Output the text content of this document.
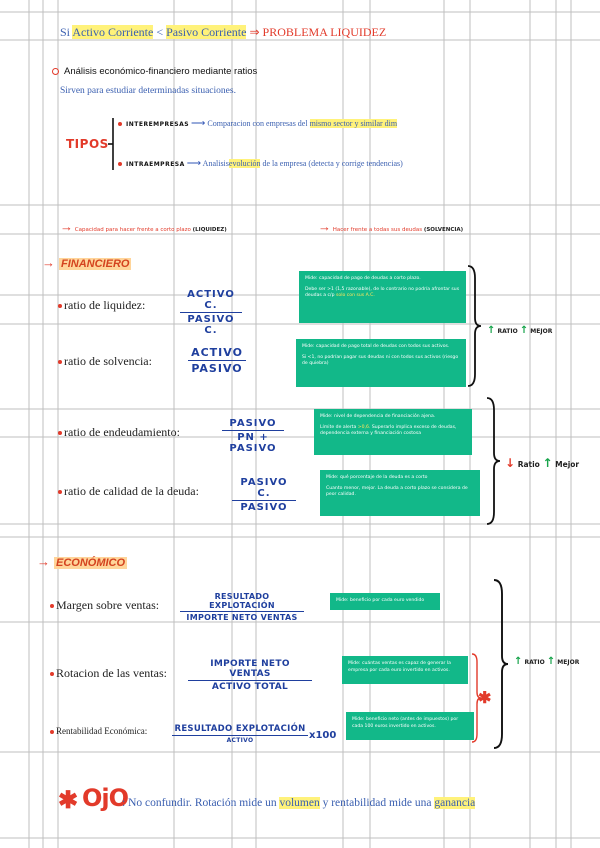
Si Activo Corriente < Pasivo Corriente ⇒ PROBLEMA LIQUIDEZ
Análisis económico-financiero mediante ratios
Sirven para estudiar determinadas situaciones.
TIPOS
INTEREMPRESAS ⟶ Comparacion con empresas del mismo sector y similar dim
INTRAEMPRESA ⟶ Analisisevolución de la empresa (detecta y corrige tendencias)
→ Capacidad para hacer frente a corto plazo (LIQUIDEZ)	→ Hacer frente a todas sus deudas (SOLVENCIA)
→ FINANCIERO
ratio de liquidez:
ACTIVO C.
PASIVO C.

Mide: capacidad de pago de deudas a corto plazo.

Debe ser >1 (1,5 razonable), de lo contrario no podría afrontar sus deudas a c/p solo con sus A.C.

ratio de solvencia:
ACTIVO
PASIVO

Mide: capacidad de pago total de deudas con todos sus activos.

Si <1, no podrían pagar sus deudas ni con todos sus activos (riesgo de quiebra)

↑ RATIO ↑ MEJOR
ratio de endeudamiento:
PASIVO
PN + PASIVO

Mide: nivel de dependencia de financiación ajena.

Límite de alerta >0,6. Superarlo implica exceso de deudas, dependencia externa y financiación costosa

ratio de calidad de la deuda:
PASIVO C.
PASIVO

Mide: qué porcentaje de la deuda es a corto

Cuanto menor, mejor. La deuda a corto plazo se considera de peor calidad.

↓ Ratio ↑ Mejor
→ ECONÓMICO
Margen sobre ventas:
RESULTADO EXPLOTACIÓN
IMPORTE NETO VENTAS

Mide: beneficio por cada euro vendido

Rotacion de las ventas:
IMPORTE NETO VENTAS
ACTIVO TOTAL

Mide: cuántas ventas es capaz de generar la empresa por cada euro invertido en activos.

Rentabilidad Económica:	RESULTADO EXPLOTACIÓN
ACTIVO	x100

Mide: beneficio neto (antes de impuestos) por cada 100 euros invertido en activos.

✱
↑ RATIO ↑ MEJOR
✱ OjO
: No confundir. Rotación mide un volumen y rentabilidad mide una ganancia
